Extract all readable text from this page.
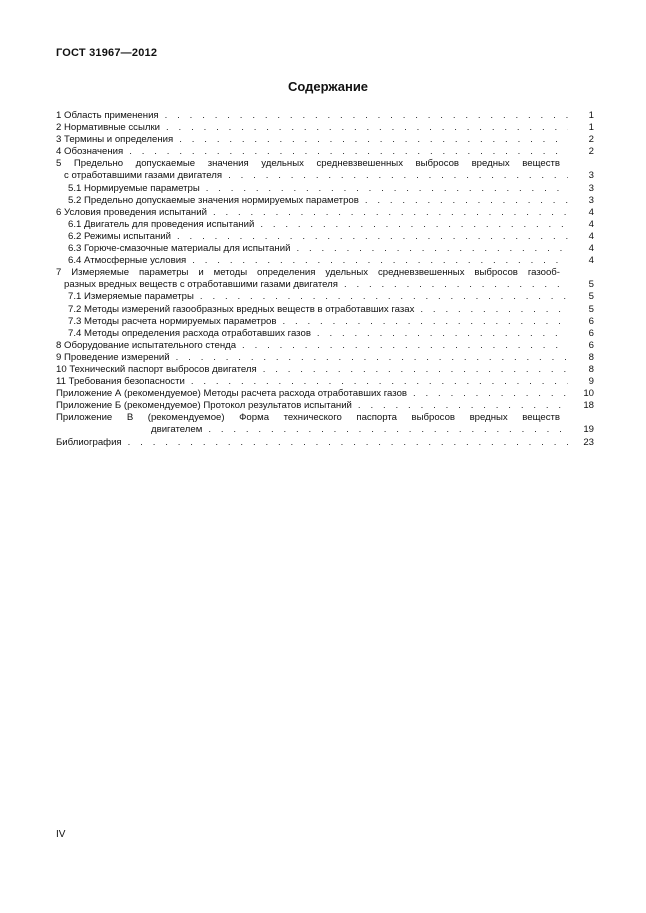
ГОСТ 31967—2012
Содержание
1 Область применения . . .	1
2 Нормативные ссылки . . .	1
3 Термины и определения . . .	2
4 Обозначения . . .	2
5 Предельно допускаемые значения удельных средневзвешенных выбросов вредных веществ
с отработавшими газами двигателя . . .	3
5.1 Нормируемые параметры . . .	3
5.2 Предельно допускаемые значения нормируемых параметров . . .	3
6 Условия проведения испытаний . . .	4
6.1 Двигатель для проведения испытаний . . .	4
6.2 Режимы испытаний . . .	4
6.3 Горюче-смазочные материалы для испытаний . . .	4
6.4 Атмосферные условия . . .	4
7 Измеряемые параметры и методы определения удельных средневзвешенных выбросов газооб-
разных вредных веществ с отработавшими газами двигателя . . .	5
7.1 Измеряемые параметры . . .	5
7.2 Методы измерений газообразных вредных веществ в отработавших газах . . .	5
7.3 Методы расчета нормируемых параметров . . .	6
7.4 Методы определения расхода отработавших газов . . .	6
8 Оборудование испытательного стенда . . .	6
9 Проведение измерений . . .	8
10 Технический паспорт выбросов двигателя . . .	8
11 Требования безопасности . . .	9
Приложение А (рекомендуемое) Методы расчета расхода отработавших газов . . .	10
Приложение Б (рекомендуемое) Протокол результатов испытаний . . .	18
Приложение В (рекомендуемое) Форма технического паспорта выбросов вредных веществ
двигателем . . .	19
Библиография . . .	23
IV
